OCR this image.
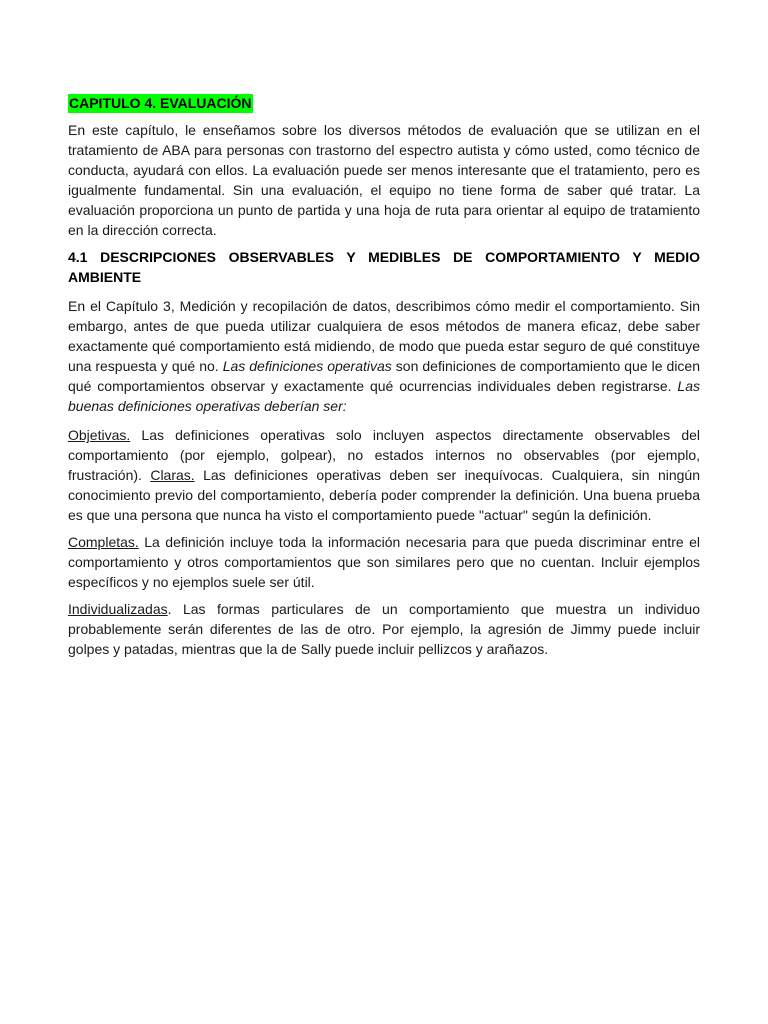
CAPITULO 4. EVALUACIÓN

En este capítulo, le enseñamos sobre los diversos métodos de evaluación que se utilizan en el tratamiento de ABA para personas con trastorno del espectro autista y cómo usted, como técnico de conducta, ayudará con ellos. La evaluación puede ser menos interesante que el tratamiento, pero es igualmente fundamental. Sin una evaluación, el equipo no tiene forma de saber qué tratar. La evaluación proporciona un punto de partida y una hoja de ruta para orientar al equipo de tratamiento en la dirección correcta.

4.1 DESCRIPCIONES OBSERVABLES Y MEDIBLES DE COMPORTAMIENTO Y MEDIO AMBIENTE

En el Capítulo 3, Medición y recopilación de datos, describimos cómo medir el comportamiento. Sin embargo, antes de que pueda utilizar cualquiera de esos métodos de manera eficaz, debe saber exactamente qué comportamiento está midiendo, de modo que pueda estar seguro de qué constituye una respuesta y qué no. Las definiciones operativas son definiciones de comportamiento que le dicen qué comportamientos observar y exactamente qué ocurrencias individuales deben registrarse. Las buenas definiciones operativas deberían ser:

Objetivas. Las definiciones operativas solo incluyen aspectos directamente observables del comportamiento (por ejemplo, golpear), no estados internos no observables (por ejemplo, frustración). Claras. Las definiciones operativas deben ser inequívocas. Cualquiera, sin ningún conocimiento previo del comportamiento, debería poder comprender la definición. Una buena prueba es que una persona que nunca ha visto el comportamiento puede "actuar" según la definición.

Completas. La definición incluye toda la información necesaria para que pueda discriminar entre el comportamiento y otros comportamientos que son similares pero que no cuentan. Incluir ejemplos específicos y no ejemplos suele ser útil.

Individualizadas. Las formas particulares de un comportamiento que muestra un individuo probablemente serán diferentes de las de otro. Por ejemplo, la agresión de Jimmy puede incluir golpes y patadas, mientras que la de Sally puede incluir pellizcos y arañazos.
